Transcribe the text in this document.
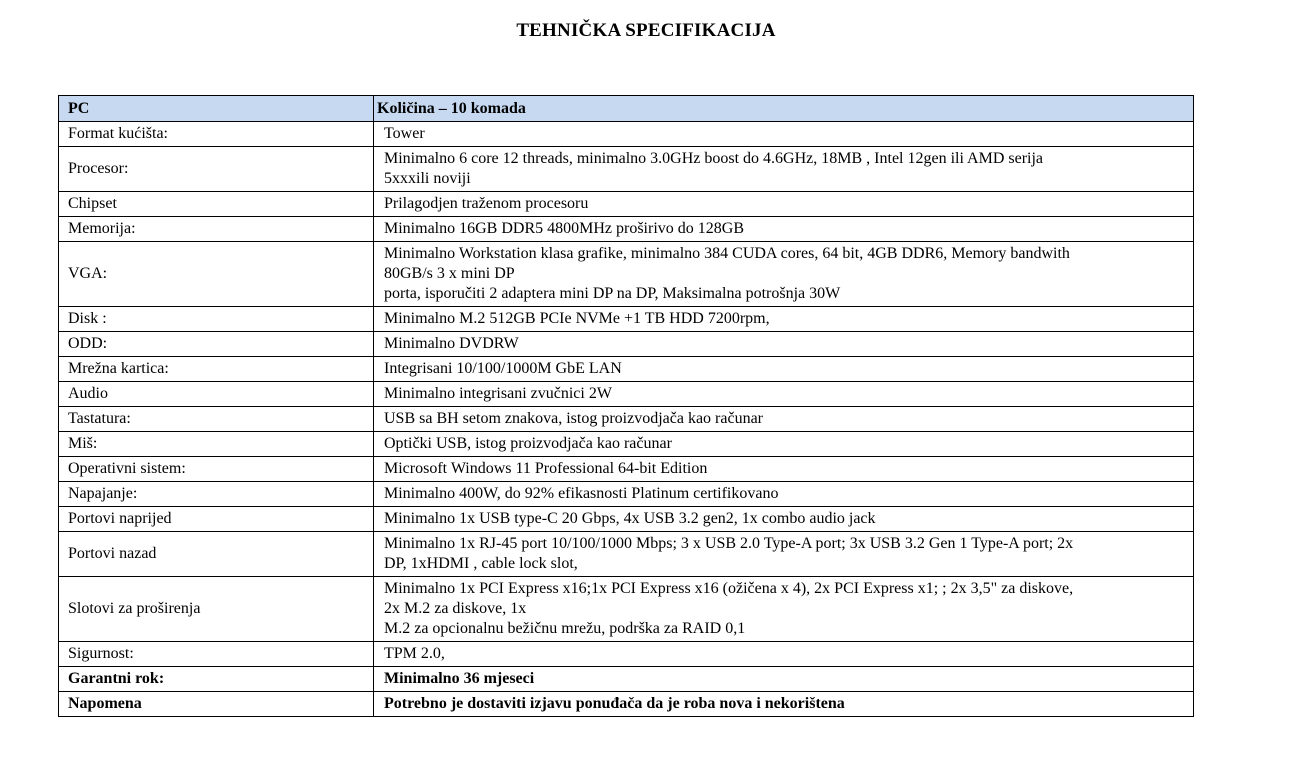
TEHNIČKA SPECIFIKACIJA
PC	Količina – 10 komada
Format kućišta:	Tower

Procesor:	Minimalno 6 core 12 threads, minimalno 3.0GHz boost do 4.6GHz, 18MB , Intel 12gen ili AMD serija
5xxxili noviji

Chipset	Prilagodjen traženom procesoru

Memorija:	Minimalno 16GB DDR5 4800MHz proširivo do 128GB

VGA:	Minimalno Workstation klasa grafike, minimalno 384 CUDA cores, 64 bit, 4GB DDR6, Memory bandwith
80GB/s 3 x mini DP
porta, isporučiti 2 adaptera mini DP na DP, Maksimalna potrošnja 30W

Disk :	Minimalno M.2 512GB PCIe NVMe +1 TB HDD 7200rpm,

ODD:	Minimalno DVDRW

Mrežna kartica:	Integrisani 10/100/1000M GbE LAN

Audio	Minimalno integrisani zvučnici 2W

Tastatura:	USB sa BH setom znakova, istog proizvodjača kao računar

Miš:	Optički USB, istog proizvodjača kao računar

Operativni sistem:	Microsoft Windows 11 Professional 64-bit Edition

Napajanje:	Minimalno 400W, do 92% efikasnosti Platinum certifikovano

Portovi naprijed	Minimalno 1x USB type-C 20 Gbps, 4x USB 3.2 gen2, 1x combo audio jack

Portovi nazad	Minimalno 1x RJ-45 port 10/100/1000 Mbps; 3 x USB 2.0 Type-A port; 3x USB 3.2 Gen 1 Type-A port; 2x
DP, 1xHDMI , cable lock slot,

Slotovi za proširenja	Minimalno 1x PCI Express x16;1x PCI Express x16 (ožičena x 4), 2x PCI Express x1; ; 2x 3,5" za diskove,
2x M.2 za diskove, 1x
M.2 za opcionalnu bežičnu mrežu, podrška za RAID 0,1

Sigurnost:	TPM 2.0,

Garantni rok:	Minimalno 36 mjeseci

Napomena	Potrebno je dostaviti izjavu ponuđača da je roba nova i nekorištena
